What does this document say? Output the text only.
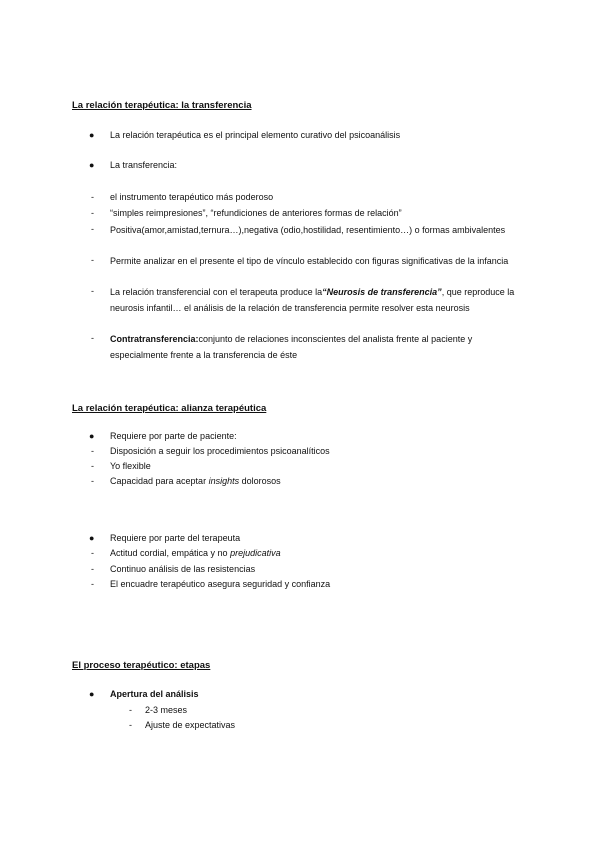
La relación terapéutica: la transferencia
● La relación terapéutica es el principal elemento curativo del psicoanálisis
● La transferencia:
- el instrumento terapéutico más poderoso
- “simples reimpresiones”, “refundiciones de anteriores formas de relación”
- Positiva(amor,amistad,ternura…),negativa (odio,hostilidad, resentimiento…) o formas ambivalentes
- Permite analizar en el presente el tipo de vínculo establecido con figuras significativas de la infancia
- La relación transferencial con el terapeuta produce la“Neurosis de transferencia”, que reproduce la neurosis infantil… el análisis de la relación de transferencia permite resolver esta neurosis
- Contratransferencia:conjunto de relaciones inconscientes del analista frente al paciente y especialmente frente a la transferencia de éste
La relación terapéutica: alianza terapéutica
● Requiere por parte de paciente:
- Disposición a seguir los procedimientos psicoanalíticos
- Yo flexible
- Capacidad para aceptar insights dolorosos
● Requiere por parte del terapeuta
- Actitud cordial, empática y no prejudicativa
- Continuo análisis de las resistencias
- El encuadre terapéutico asegura seguridad y confianza
El proceso terapéutico: etapas
● Apertura del análisis
- 2-3 meses
- Ajuste de expectativas
